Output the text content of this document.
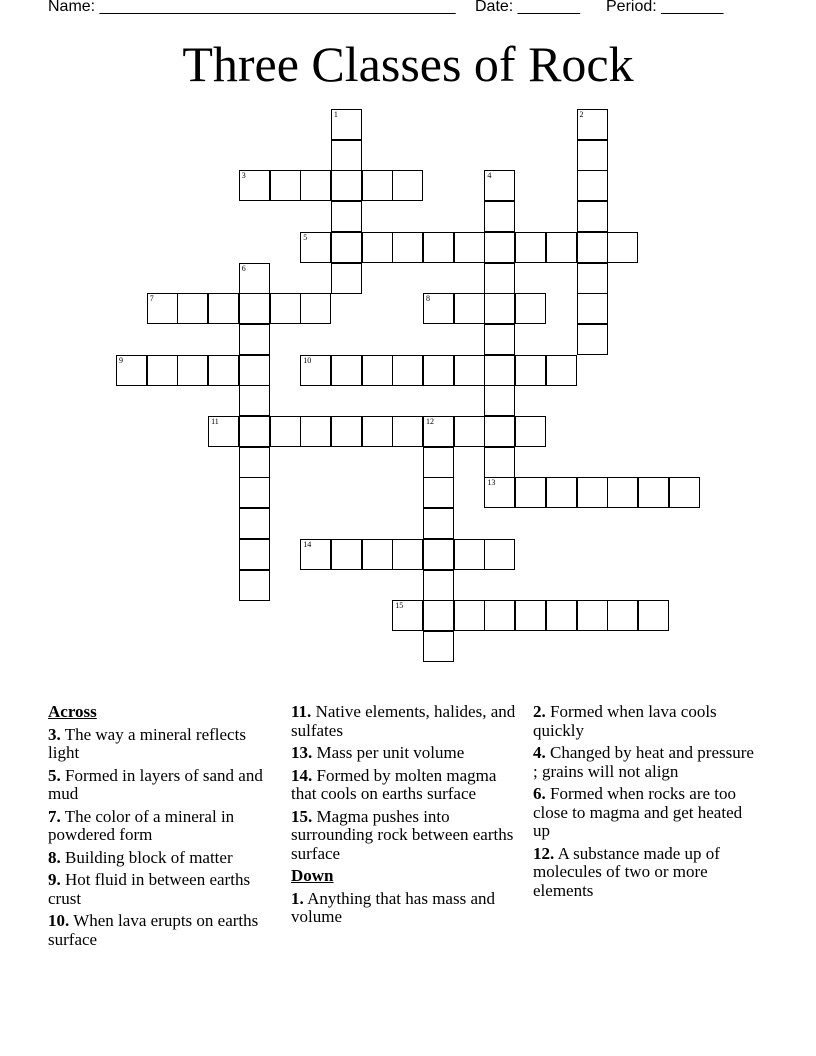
Name: ________________________________________ Date: _______ Period: _______
Three Classes of Rock
3
5
7	8
9	10
11	12
13
14
15
1	2
4
6
Across
3. The way a mineral reflects light
5. Formed in layers of sand and mud
7. The color of a mineral in powdered form
8. Building block of matter
9. Hot fluid in between earths crust
10. When lava erupts on earths surface
11. Native elements, halides, and sulfates
13. Mass per unit volume
14. Formed by molten magma that cools on earths surface
15. Magma pushes into surrounding rock between earths surface
Down
1. Anything that has mass and volume
2. Formed when lava cools quickly
4. Changed by heat and pressure ; grains will not align
6. Formed when rocks are too close to magma and get heated up
12. A substance made up of molecules of two or more elements
